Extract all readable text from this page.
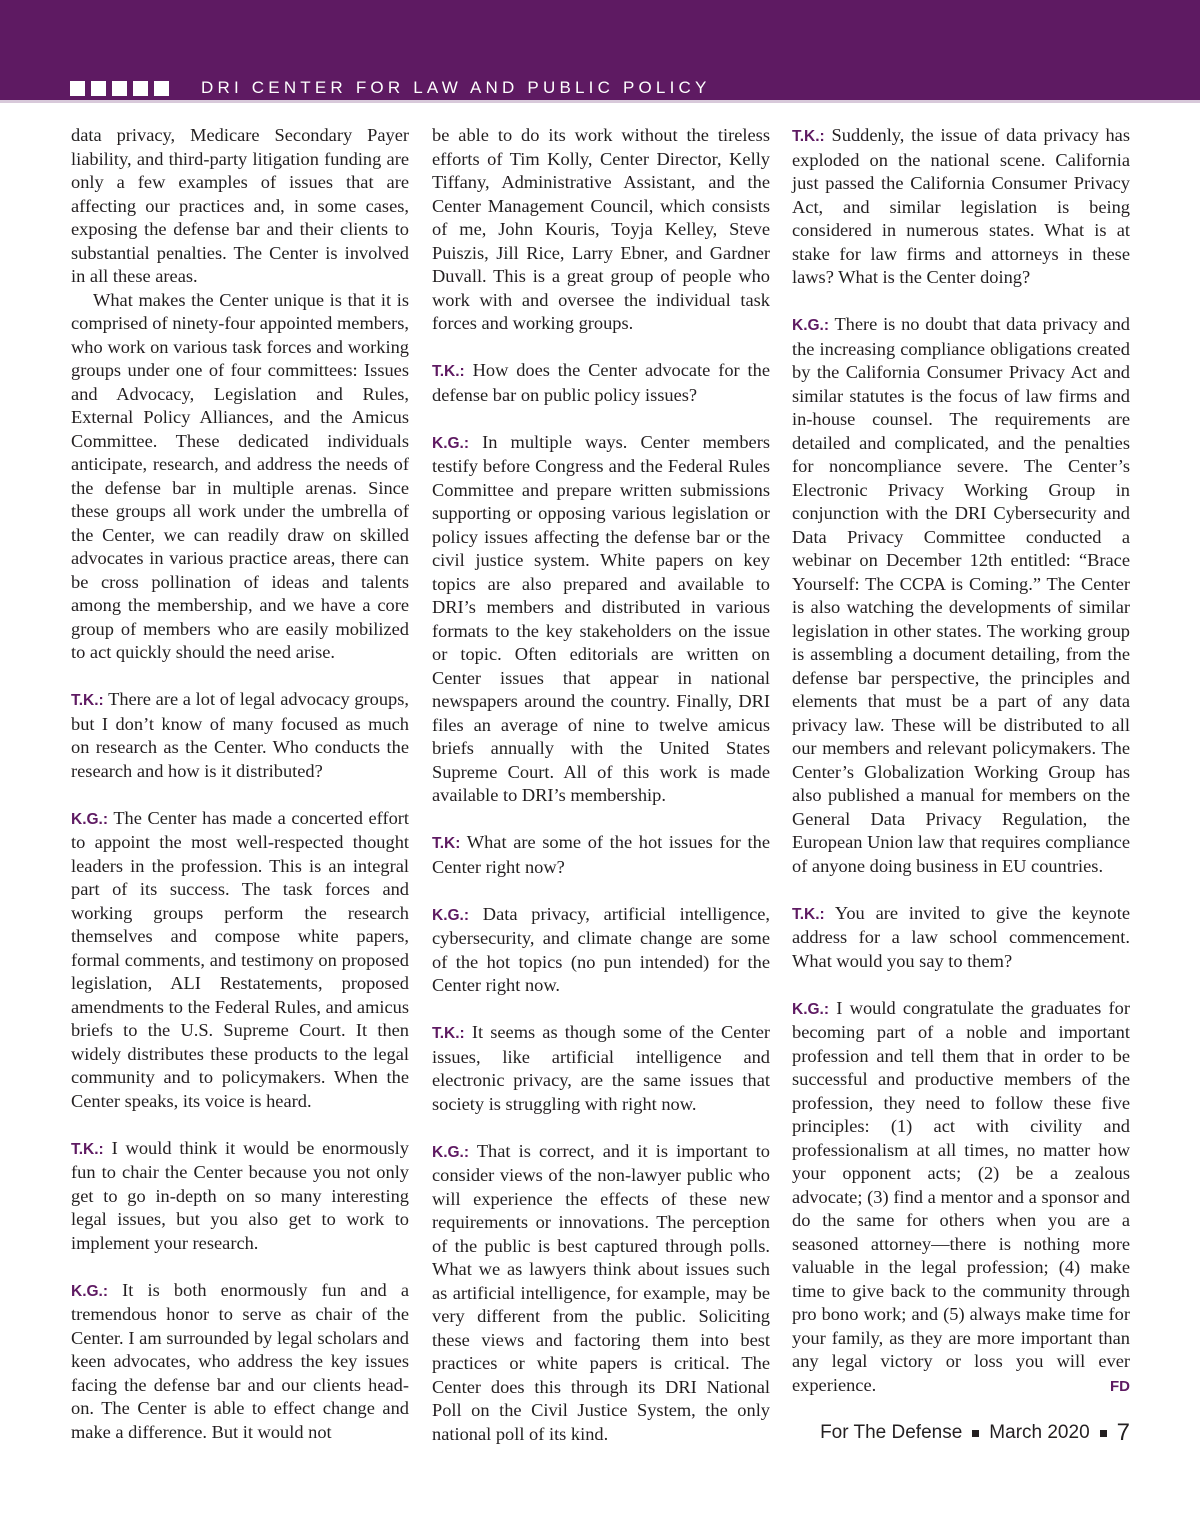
DRI CENTER FOR LAW AND PUBLIC POLICY

data privacy, Medicare Secondary Payer liability, and third-party litigation funding are only a few examples of issues that are affecting our practices and, in some cases, exposing the defense bar and their clients to substantial penalties. The Center is involved in all these areas.

What makes the Center unique is that it is comprised of ninety-four appointed members, who work on various task forces and working groups under one of four committees: Issues and Advocacy, Legislation and Rules, External Policy Alliances, and the Amicus Committee. These dedicated individuals anticipate, research, and address the needs of the defense bar in multiple arenas. Since these groups all work under the umbrella of the Center, we can readily draw on skilled advocates in various practice areas, there can be cross pollination of ideas and talents among the membership, and we have a core group of members who are easily mobilized to act quickly should the need arise.

T.K.: There are a lot of legal advocacy groups, but I don’t know of many focused as much on research as the Center. Who conducts the research and how is it distributed?

K.G.: The Center has made a concerted effort to appoint the most well-respected thought leaders in the profession. This is an integral part of its success. The task forces and working groups perform the research themselves and compose white papers, formal comments, and testimony on proposed legislation, ALI Restatements, proposed amendments to the Federal Rules, and amicus briefs to the U.S. Supreme Court. It then widely distributes these products to the legal community and to policymakers. When the Center speaks, its voice is heard.

T.K.: I would think it would be enormously fun to chair the Center because you not only get to go in-depth on so many interesting legal issues, but you also get to work to implement your research.

K.G.: It is both enormously fun and a tremendous honor to serve as chair of the Center. I am surrounded by legal scholars and keen advocates, who address the key issues facing the defense bar and our clients head-on. The Center is able to effect change and make a difference. But it would not

be able to do its work without the tireless efforts of Tim Kolly, Center Director, Kelly Tiffany, Administrative Assistant, and the Center Management Council, which consists of me, John Kouris, Toyja Kelley, Steve Puiszis, Jill Rice, Larry Ebner, and Gardner Duvall. This is a great group of people who work with and oversee the individual task forces and working groups.

T.K.: How does the Center advocate for the defense bar on public policy issues?

K.G.: In multiple ways. Center members testify before Congress and the Federal Rules Committee and prepare written submissions supporting or opposing various legislation or policy issues affecting the defense bar or the civil justice system. White papers on key topics are also prepared and available to DRI’s members and distributed in various formats to the key stakeholders on the issue or topic. Often editorials are written on Center issues that appear in national newspapers around the country. Finally, DRI files an average of nine to twelve amicus briefs annually with the United States Supreme Court. All of this work is made available to DRI’s membership.

T.K: What are some of the hot issues for the Center right now?

K.G.: Data privacy, artificial intelligence, cybersecurity, and climate change are some of the hot topics (no pun intended) for the Center right now.

T.K.: It seems as though some of the Center issues, like artificial intelligence and electronic privacy, are the same issues that society is struggling with right now.

K.G.: That is correct, and it is important to consider views of the non-lawyer public who will experience the effects of these new requirements or innovations. The perception of the public is best captured through polls. What we as lawyers think about issues such as artificial intelligence, for example, may be very different from the public. Soliciting these views and factoring them into best practices or white papers is critical. The Center does this through its DRI National Poll on the Civil Justice System, the only national poll of its kind.

T.K.: Suddenly, the issue of data privacy has exploded on the national scene. California just passed the California Consumer Privacy Act, and similar legislation is being considered in numerous states. What is at stake for law firms and attorneys in these laws? What is the Center doing?

K.G.: There is no doubt that data privacy and the increasing compliance obligations created by the California Consumer Privacy Act and similar statutes is the focus of law firms and in-house counsel. The requirements are detailed and complicated, and the penalties for noncompliance severe. The Center’s Electronic Privacy Working Group in conjunction with the DRI Cybersecurity and Data Privacy Committee conducted a webinar on December 12th entitled: “Brace Yourself: The CCPA is Coming.” The Center is also watching the developments of similar legislation in other states. The working group is assembling a document detailing, from the defense bar perspective, the principles and elements that must be a part of any data privacy law. These will be distributed to all our members and relevant policymakers. The Center’s Globalization Working Group has also published a manual for members on the General Data Privacy Regulation, the European Union law that requires compliance of anyone doing business in EU countries.

T.K.: You are invited to give the keynote address for a law school commencement. What would you say to them?

K.G.: I would congratulate the graduates for becoming part of a noble and important profession and tell them that in order to be successful and productive members of the profession, they need to follow these five principles: (1) act with civility and professionalism at all times, no matter how your opponent acts; (2) be a zealous advocate; (3) find a mentor and a sponsor and do the same for others when you are a seasoned attorney—there is nothing more valuable in the legal profession; (4) make time to give back to the community through pro bono work; and (5) always make time for your family, as they are more important than any legal victory or loss you will ever experience.	FD

For The Defense March 2020 7
